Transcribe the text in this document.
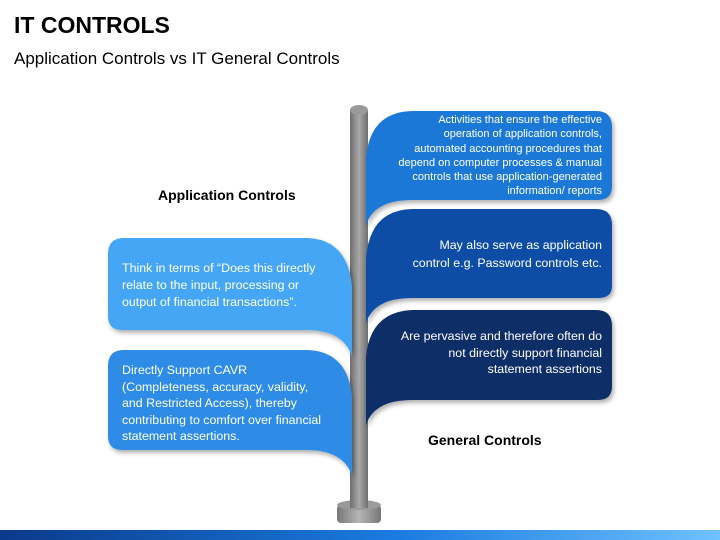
IT CONTROLS
Application Controls vs IT General Controls
Application Controls
General Controls
Activities that ensure the effective operation of application controls, automated accounting procedures that depend on computer processes & manual controls that use application-generated information/ reports
May also serve as application control e.g. Password controls etc.
Are pervasive and therefore often do not directly support financial statement assertions
Think in terms of “Does this directly relate to the input, processing or output of financial transactions”.
Directly Support CAVR (Completeness, accuracy, validity, and Restricted Access), thereby contributing to comfort over financial statement assertions.
